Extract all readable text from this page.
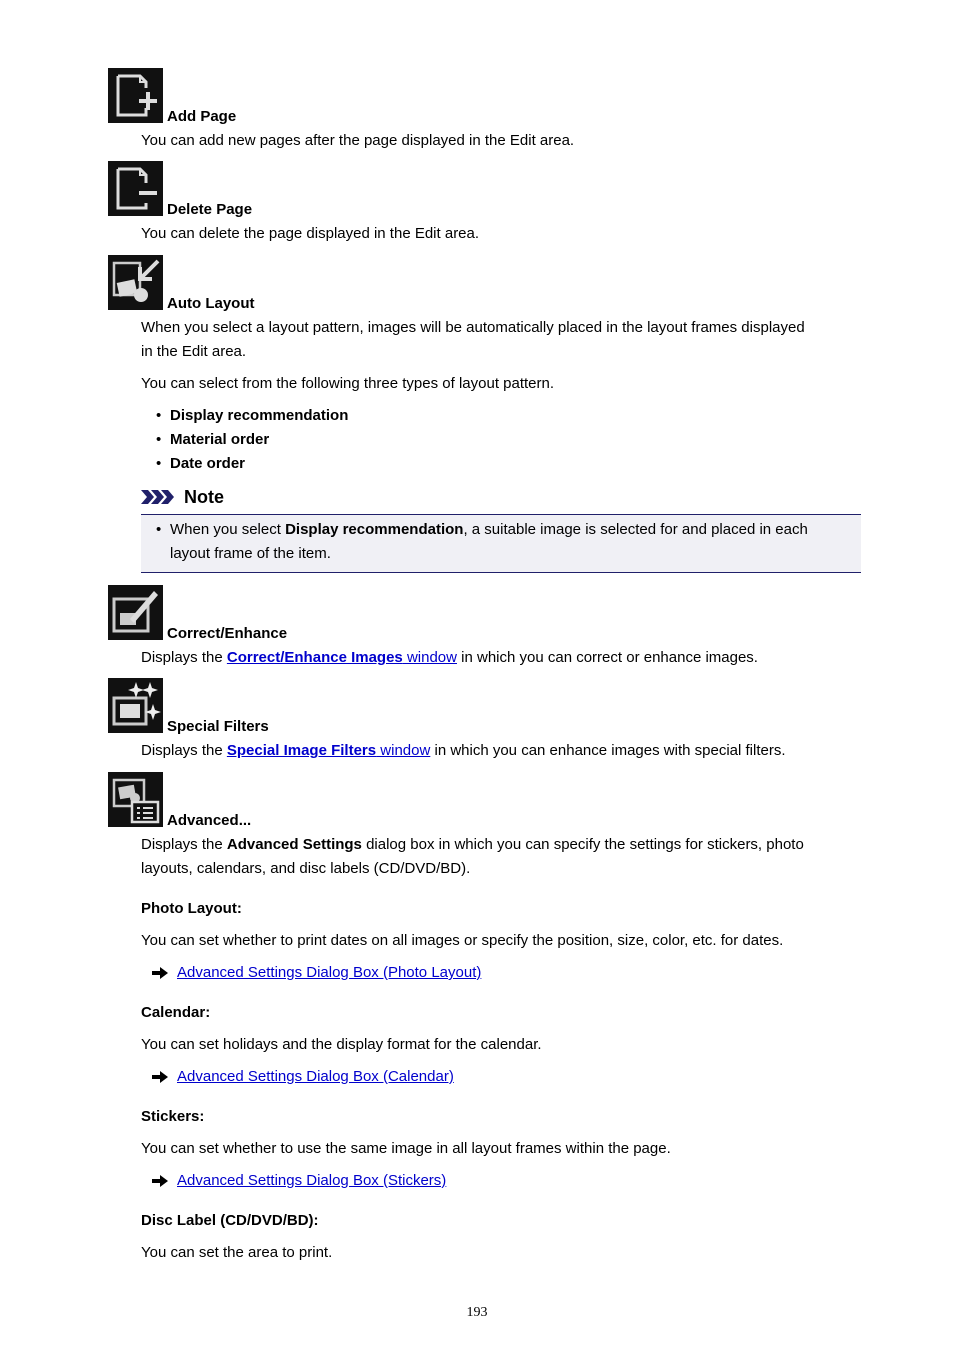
Add Page
You can add new pages after the page displayed in the Edit area.
Delete Page
You can delete the page displayed in the Edit area.
Auto Layout
When you select a layout pattern, images will be automatically placed in the layout frames displayed
in the Edit area.
You can select from the following three types of layout pattern.
• Display recommendation
• Material order
• Date order
Note
• When you select Display recommendation, a suitable image is selected for and placed in each
layout frame of the item.
Correct/Enhance
Displays the Correct/Enhance Images window in which you can correct or enhance images.
Special Filters
Displays the Special Image Filters window in which you can enhance images with special filters.
Advanced...
Displays the Advanced Settings dialog box in which you can specify the settings for stickers, photo
layouts, calendars, and disc labels (CD/DVD/BD).
Photo Layout:
You can set whether to print dates on all images or specify the position, size, color, etc. for dates.
Advanced Settings Dialog Box (Photo Layout)
Calendar:
You can set holidays and the display format for the calendar.
Advanced Settings Dialog Box (Calendar)
Stickers:
You can set whether to use the same image in all layout frames within the page.
Advanced Settings Dialog Box (Stickers)
Disc Label (CD/DVD/BD):
You can set the area to print.
193
